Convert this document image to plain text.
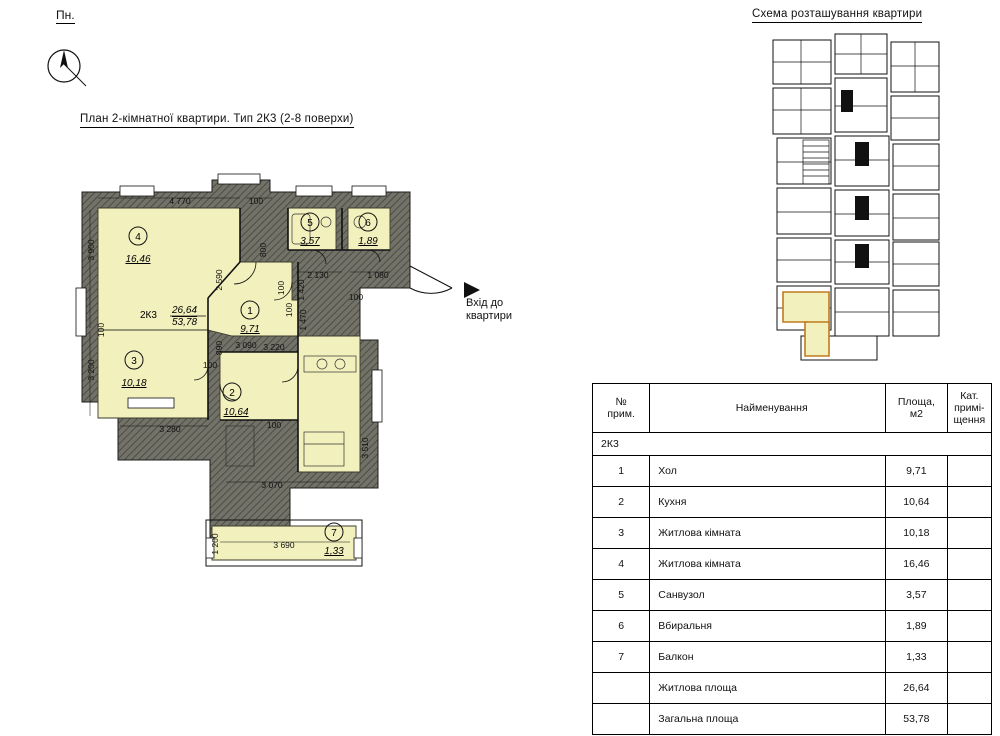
Пн.
План 2-кімнатної квартири. Тип 2К3 (2-8 поверхи)
Схема розташування квартири
Вхід до
квартири
4
16,46
3
10,18
1
9,71
2
10,64
5
3,57
6
1,89
7
1,33
2К3 26,64
53,78
4 770	100
2 130	1 080
100
3 280
100
3 220
100
3 070
3 690
3 090
3 900
3 200
100
2 590
800
100 1 420
1 470
100
890
3 510
1 200
№
прим.	Найменування	Площа,
м2

Кат.
примі-
щення

2К3			
1	Хол	9,71	
2	Кухня	10,64	
3	Житлова кімната	10,18	
4	Житлова кімната	16,46	
5	Санвузол	3,57	
6	Вбиральня	1,89	
7	Балкон	1,33	
	Житлова площа	26,64	
	Загальна площа	53,78	
